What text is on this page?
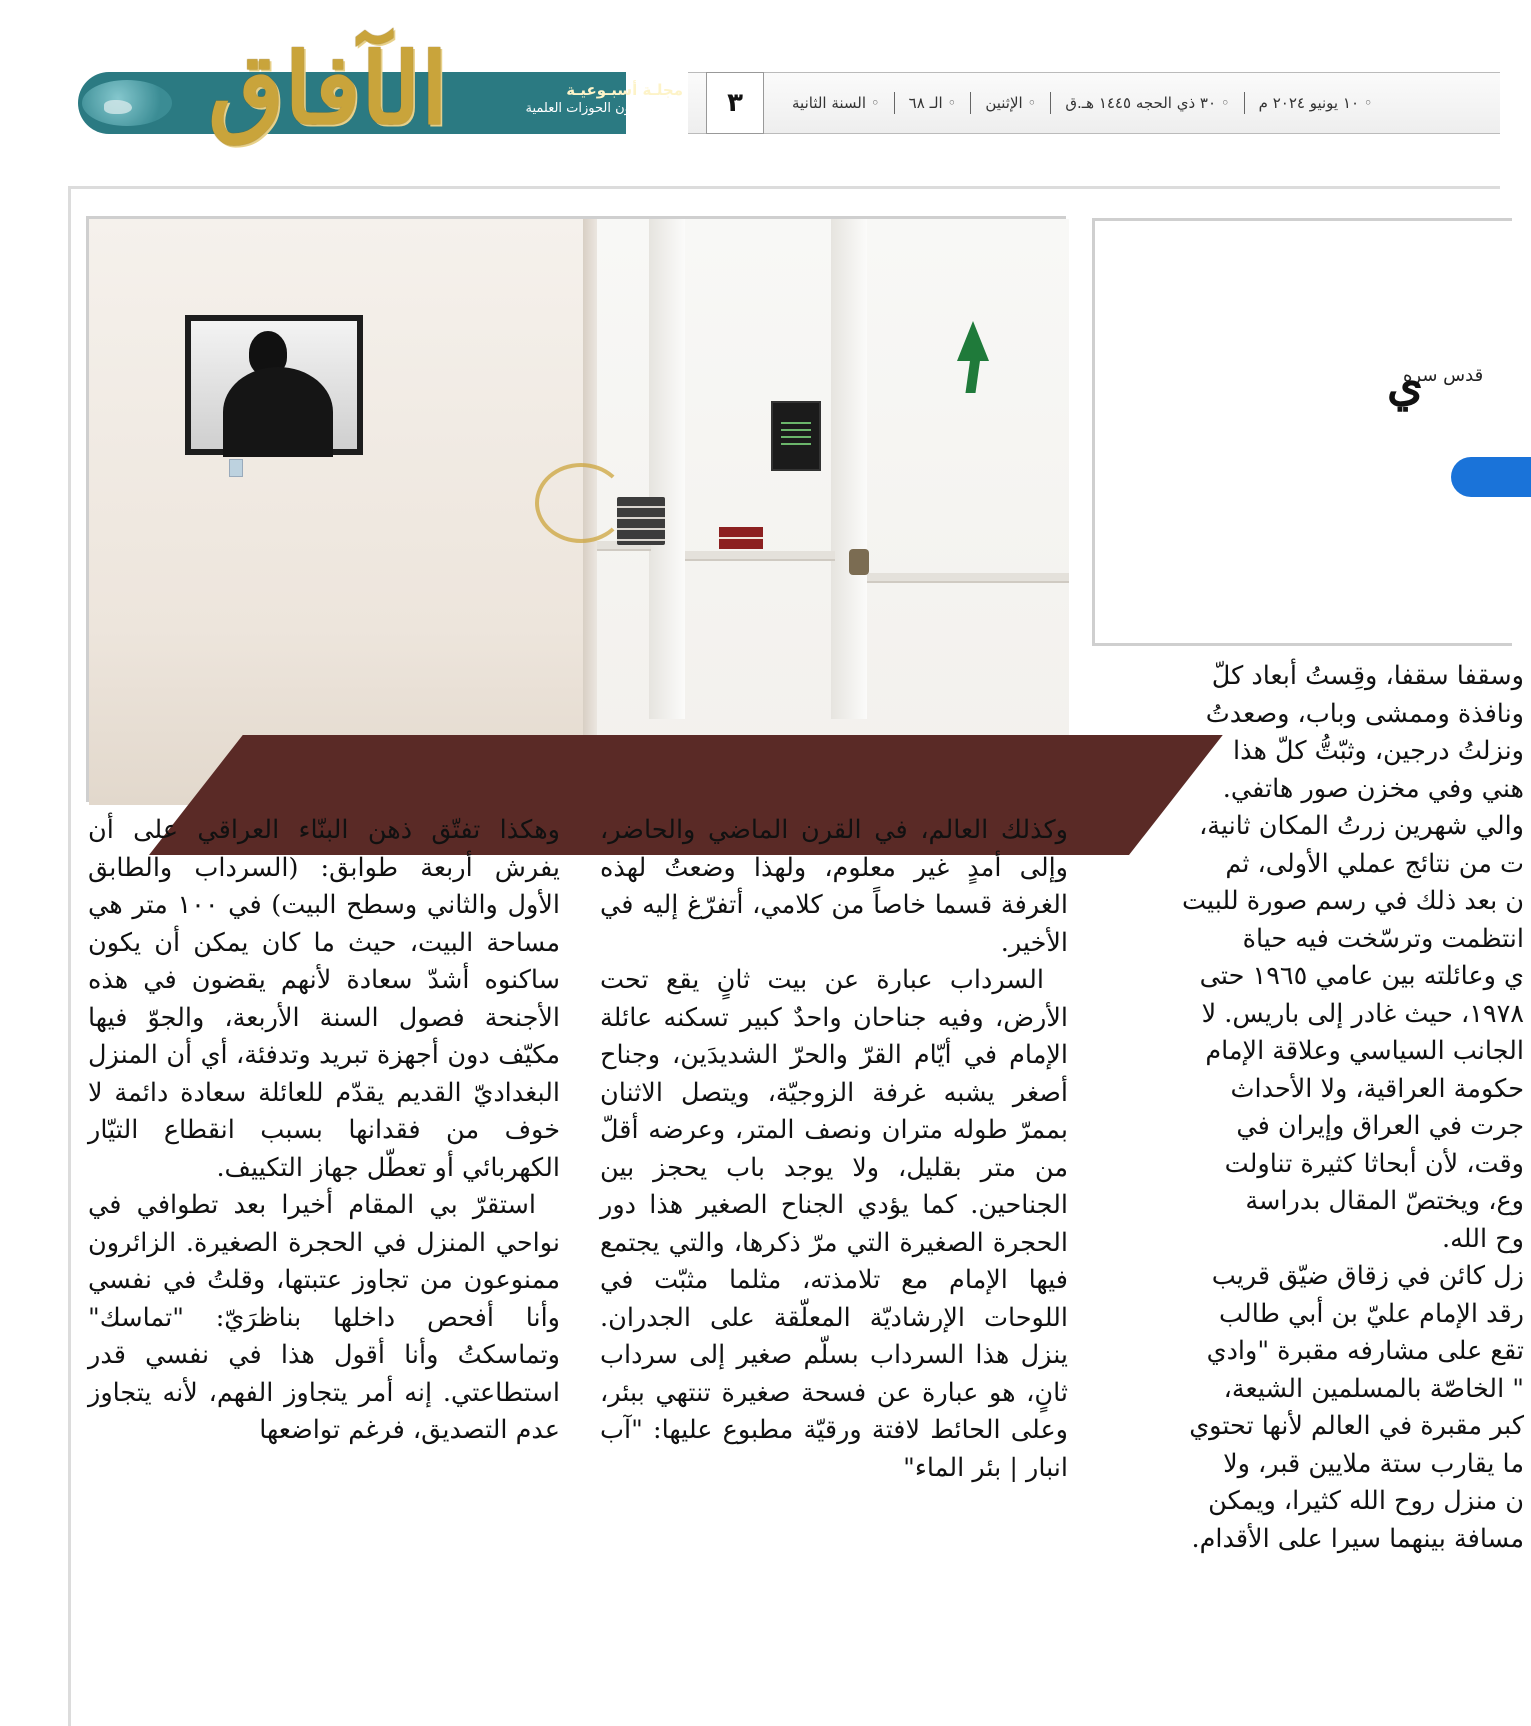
الآفاق	مجلـة أسبـوعيـة
تهتـم بشؤون الحوزات العلمية	٣	◦ السنة الثانية	◦ الـ ٦٨	◦ الإثنين	◦ ٣٠ ذي الحجه ١٤٤٥ هـ.ق	◦ ١٠ يونيو ٢٠٢٤ م
قدس سره
ي
وسقفا سقفا، وقِستُ أبعاد كلّ
ونافذة وممشى وباب، وصعدتُ
ونزلتُ درجين، وثبّتُّ كلّ هذا
هني وفي مخزن صور هاتفي.
والي شهرين زرتُ المكان ثانية،
ت من نتائج عملي الأولى، ثم
ن بعد ذلك في رسم صورة للبيت
انتظمت وترسّخت فيه حياة
ي وعائلته بين عامي ١٩٦٥ حتى
١٩٧٨، حيث غادر إلى باريس. لا
الجانب السياسي وعلاقة الإمام
حكومة العراقية، ولا الأحداث
جرت في العراق وإيران في
وقت، لأن أبحاثا كثيرة تناولت
وع، ويختصّ المقال بدراسة
وح الله.
زل كائن في زقاق ضيّق قريب
رقد الإمام عليّ بن أبي طالب
تقع على مشارفه مقبرة "وادي
" الخاصّة بالمسلمين الشيعة،
كبر مقبرة في العالم لأنها تحتوي
ما يقارب ستة ملايين قبر، ولا
ن منزل روح الله كثيرا، ويمكن
مسافة بينهما سيرا على الأقدام.

وكذلك العالم، في القرن الماضي والحاضر، وإلى أمدٍ غير معلوم، ولهذا وضعتُ لهذه الغرفة قسما خاصاً من كلامي، أتفرّغ إليه في الأخير.

السرداب عبارة عن بيت ثانٍ يقع تحت الأرض، وفيه جناحان واحدٌ كبير تسكنه عائلة الإمام في أيّام القرّ والحرّ الشديدَين، وجناح أصغر يشبه غرفة الزوجيّة، ويتصل الاثنان بممرّ طوله متران ونصف المتر، وعرضه أقلّ من متر بقليل، ولا يوجد باب يحجز بين الجناحين. كما يؤدي الجناح الصغير هذا دور الحجرة الصغيرة التي مرّ ذكرها، والتي يجتمع فيها الإمام مع تلامذته، مثلما مثبّت في اللوحات الإرشاديّة المعلّقة على الجدران. ينزل هذا السرداب بسلّم صغير إلى سرداب ثانٍ، هو عبارة عن فسحة صغيرة تنتهي ببئر، وعلى الحائط لافتة ورقيّة مطبوع عليها: "آب انبار | بئر الماء"

وهكذا تفتّق ذهن البنّاء العراقي على أن يفرش أربعة طوابق: (السرداب والطابق الأول والثاني وسطح البيت) في ١٠٠ متر هي مساحة البيت، حيث ما كان يمكن أن يكون ساكنوه أشدّ سعادة لأنهم يقضون في هذه الأجنحة فصول السنة الأربعة، والجوّ فيها مكيّف دون أجهزة تبريد وتدفئة، أي أن المنزل البغداديّ القديم يقدّم للعائلة سعادة دائمة لا خوف من فقدانها بسبب انقطاع التيّار الكهربائي أو تعطّل جهاز التكييف.

استقرّ بي المقام أخيرا بعد تطوافي في نواحي المنزل في الحجرة الصغيرة. الزائرون ممنوعون من تجاوز عتبتها، وقلتُ في نفسي وأنا أفحص داخلها بناظرَيّ: "تماسك" وتماسكتُ وأنا أقول هذا في نفسي قدر استطاعتي. إنه أمر يتجاوز الفهم، لأنه يتجاوز عدم التصديق، فرغم تواضعها
